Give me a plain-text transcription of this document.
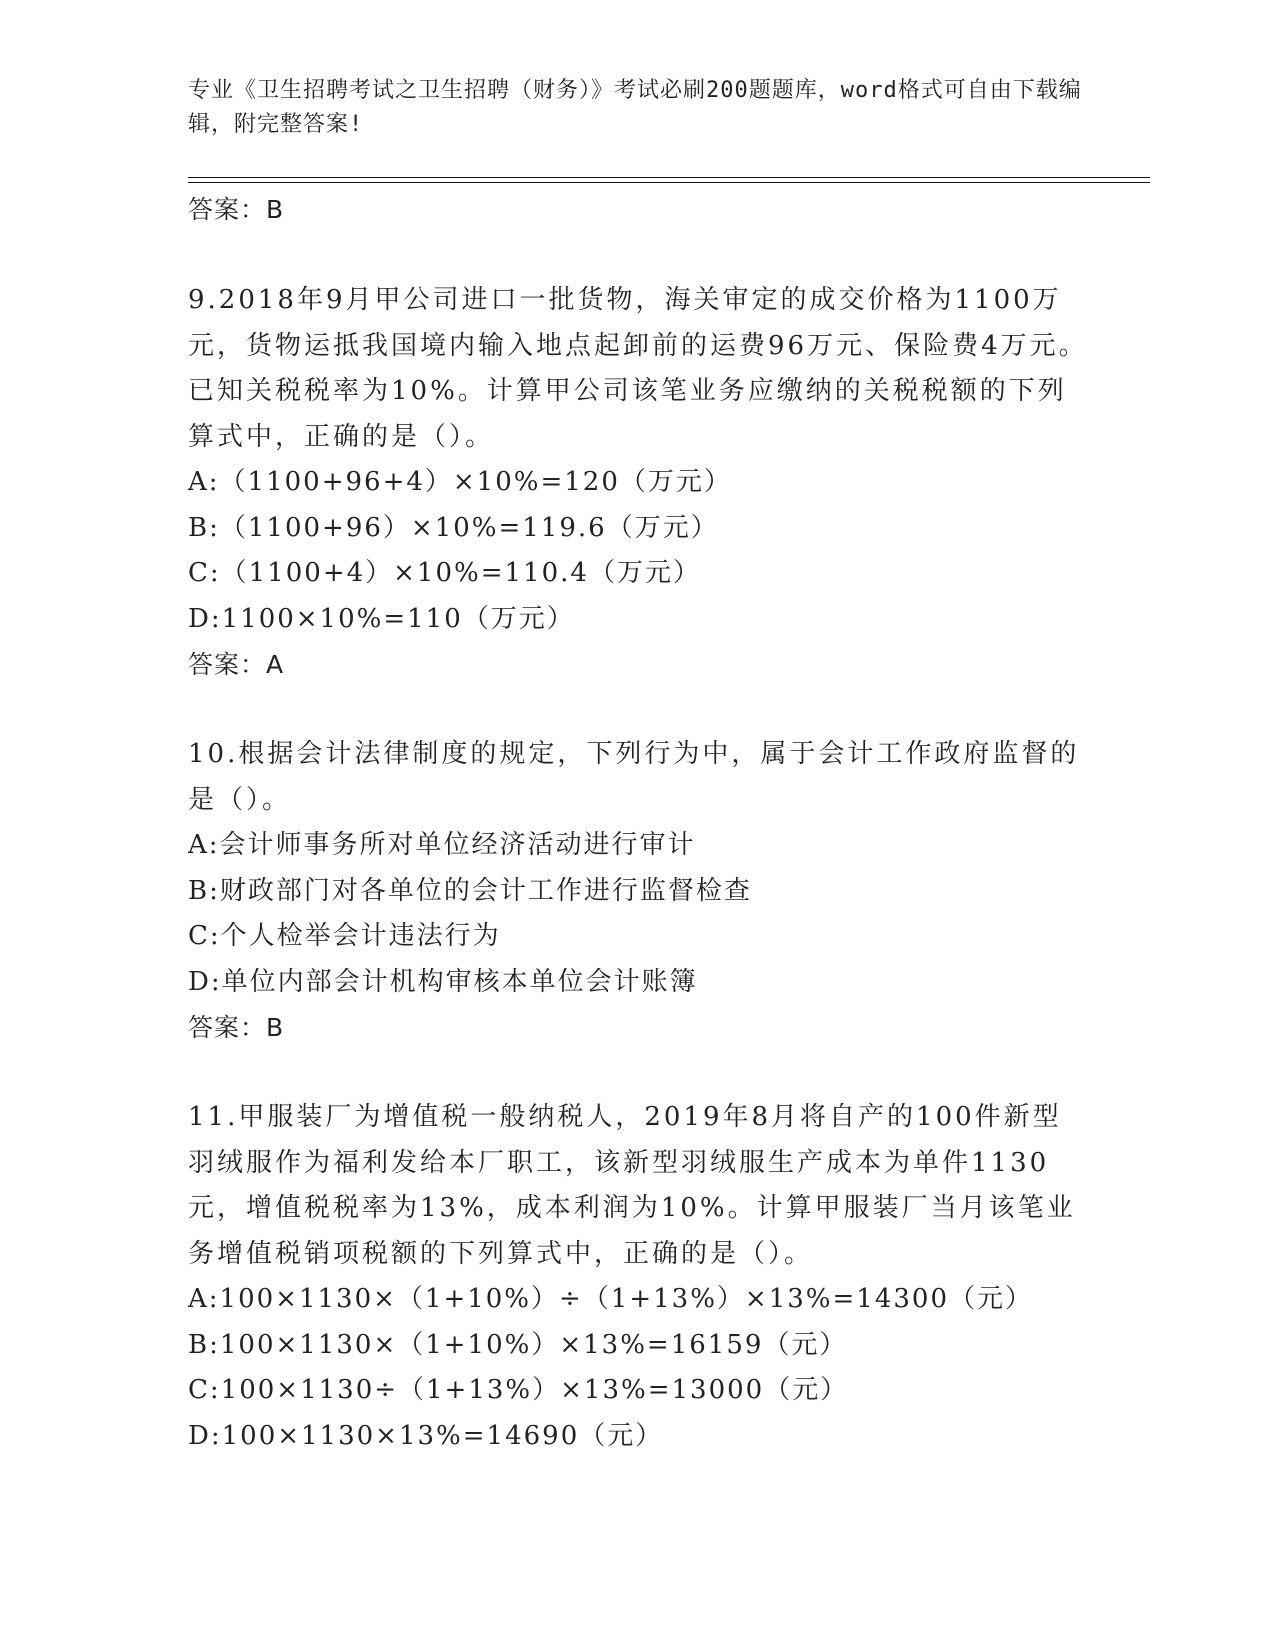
专业《卫生招聘考试之卫生招聘（财务）》考试必刷200题题库，word格式可自由下载编辑，附完整答案!
答案：B
9.2018年9月甲公司进口一批货物，海关审定的成交价格为1100万元，货物运抵我国境内输入地点起卸前的运费96万元、保险费4万元。已知关税税率为10%。计算甲公司该笔业务应缴纳的关税税额的下列算式中，正确的是（）。
A:（1100+96+4）×10%=120（万元）
B:（1100+96）×10%=119.6（万元）
C:（1100+4）×10%=110.4（万元）
D:1100×10%=110（万元）
答案：A
10.根据会计法律制度的规定，下列行为中，属于会计工作政府监督的是（）。
A:会计师事务所对单位经济活动进行审计
B:财政部门对各单位的会计工作进行监督检查
C:个人检举会计违法行为
D:单位内部会计机构审核本单位会计账簿
答案：B
11.甲服装厂为增值税一般纳税人，2019年8月将自产的100件新型羽绒服作为福利发给本厂职工，该新型羽绒服生产成本为单件1130元，增值税税率为13%，成本利润为10%。计算甲服装厂当月该笔业务增值税销项税额的下列算式中，正确的是（）。
A:100×1130×（1+10%）÷（1+13%）×13%=14300（元）
B:100×1130×（1+10%）×13%=16159（元）
C:100×1130÷（1+13%）×13%=13000（元）
D:100×1130×13%=14690（元）
